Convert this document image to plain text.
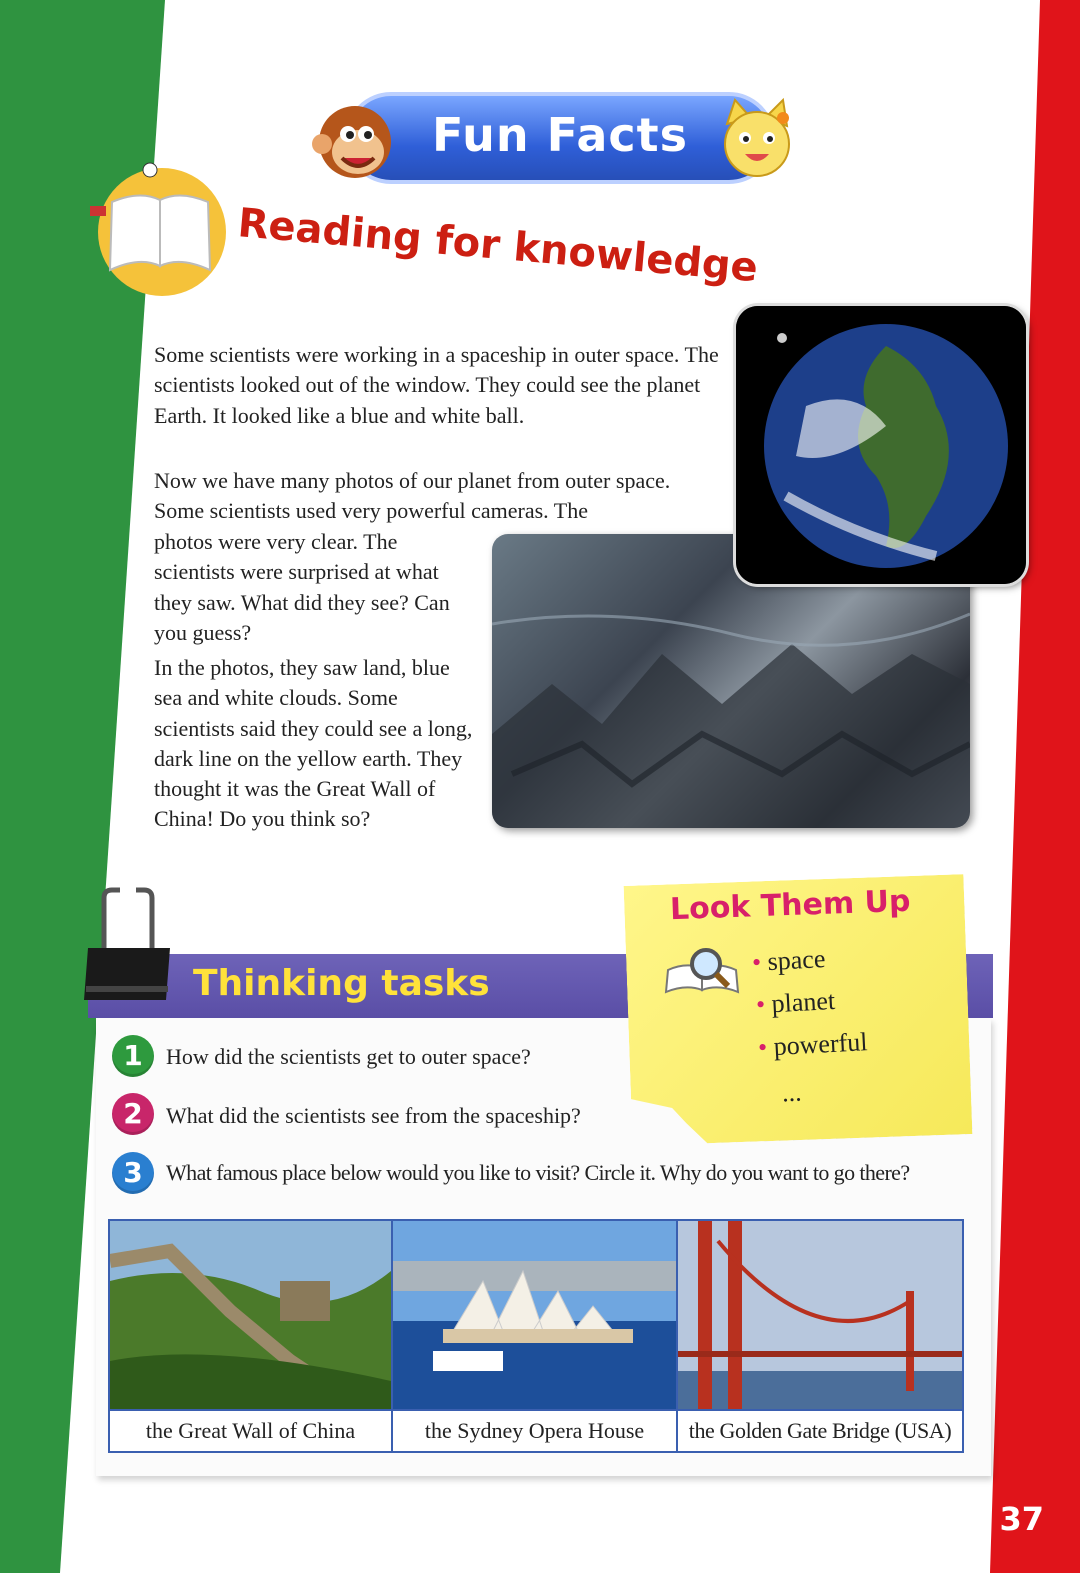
Fun Facts
Reading for knowledge
Some scientists were working in a spaceship in outer space. The scientists looked out of the window. They could see the planet Earth. It looked like a blue and white ball.
Now we have many photos of our planet from outer space. Some scientists used very powerful cameras. The
photos were very clear. The scientists were surprised at what they saw. What did they see? Can you guess?
In the photos, they saw land, blue sea and white clouds. Some scientists said they could see a long, dark line on the yellow earth. They thought it was the Great Wall of China! Do you think so?
Thinking tasks
1	How did the scientists get to outer space?
2	What did the scientists see from the spaceship?
3	What famous place below would you like to visit? Circle it. Why do you want to go there?
Look Them Up
• space
• planet
• powerful
...
the Great Wall of China	the Sydney Opera House	the Golden Gate Bridge (USA)
37
